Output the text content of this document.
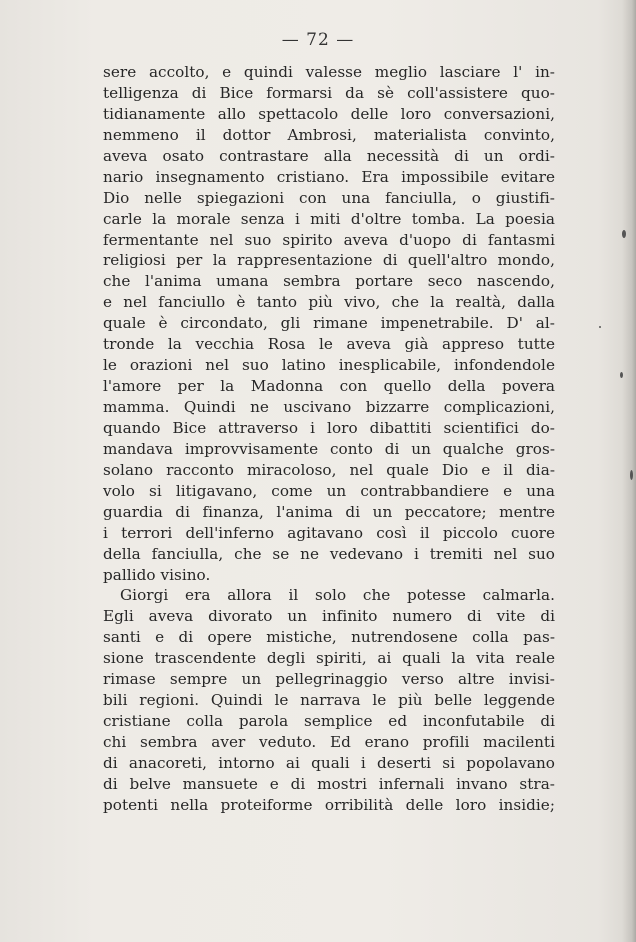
— 72 —
sere accolto, e quindi valesse meglio lasciare l' in-
telligenza di Bice formarsi da sè coll'assistere quo-
tidianamente allo spettacolo delle loro conversazioni,
nemmeno il dottor Ambrosi, materialista convinto,
aveva osato contrastare alla necessità di un ordi-
nario insegnamento cristiano. Era impossibile evitare
Dio nelle spiegazioni con una fanciulla, o giustifi-
carle la morale senza i miti d'oltre tomba. La poesia
fermentante nel suo spirito aveva d'uopo di fantasmi
religiosi per la rappresentazione di quell'altro mondo,
che l'anima umana sembra portare seco nascendo,
e nel fanciullo è tanto più vivo, che la realtà, dalla
quale è circondato, gli rimane impenetrabile. D' al-
tronde la vecchia Rosa le aveva già appreso tutte
le orazioni nel suo latino inesplicabile, infondendole
l'amore per la Madonna con quello della povera
mamma. Quindi ne uscivano bizzarre complicazioni,
quando Bice attraverso i loro dibattiti scientifici do-
mandava improvvisamente conto di un qualche gros-
solano racconto miracoloso, nel quale Dio e il dia-
volo si litigavano, come un contrabbandiere e una
guardia di finanza, l'anima di un peccatore; mentre
i terrori dell'inferno agitavano così il piccolo cuore
della fanciulla, che se ne vedevano i tremiti nel suo
pallido visino.
Giorgi era allora il solo che potesse calmarla.
Egli aveva divorato un infinito numero di vite di
santi e di opere mistiche, nutrendosene colla pas-
sione trascendente degli spiriti, ai quali la vita reale
rimase sempre un pellegrinaggio verso altre invisi-
bili regioni. Quindi le narrava le più belle leggende
cristiane colla parola semplice ed inconfutabile di
chi sembra aver veduto. Ed erano profili macilenti
di anacoreti, intorno ai quali i deserti si popolavano
di belve mansuete e di mostri infernali invano stra-
potenti nella proteiforme orribilità delle loro insidie;
